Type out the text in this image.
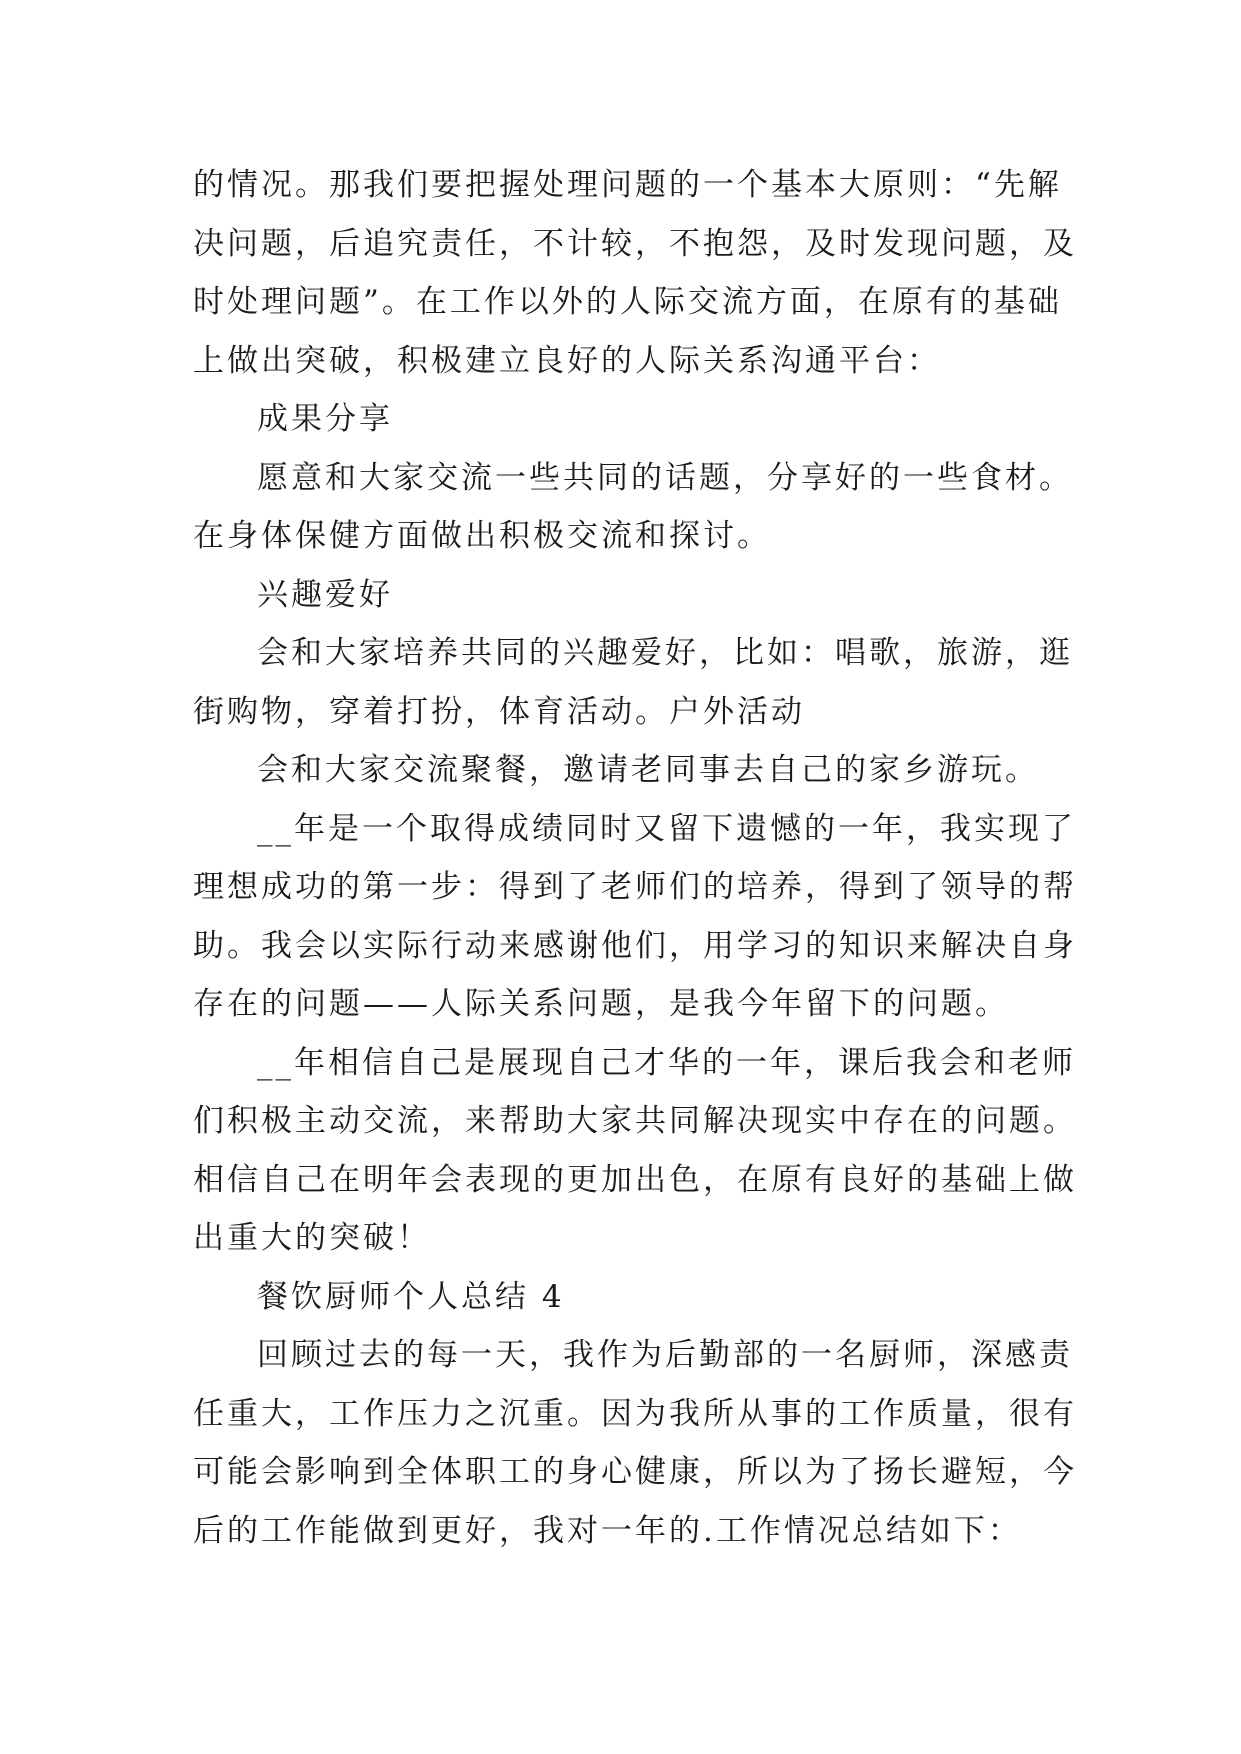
的情况。那我们要把握处理问题的一个基本大原则：“先解
决问题，后追究责任，不计较，不抱怨，及时发现问题，及
时处理问题”。在工作以外的人际交流方面，在原有的基础
上做出突破，积极建立良好的人际关系沟通平台：
成果分享
愿意和大家交流一些共同的话题，分享好的一些食材。
在身体保健方面做出积极交流和探讨。
兴趣爱好
会和大家培养共同的兴趣爱好，比如：唱歌，旅游，逛
街购物，穿着打扮，体育活动。户外活动
会和大家交流聚餐，邀请老同事去自己的家乡游玩。
__年是一个取得成绩同时又留下遗憾的一年，我实现了
理想成功的第一步：得到了老师们的培养，得到了领导的帮
助。我会以实际行动来感谢他们，用学习的知识来解决自身
存在的问题——人际关系问题，是我今年留下的问题。
__年相信自己是展现自己才华的一年，课后我会和老师
们积极主动交流，来帮助大家共同解决现实中存在的问题。
相信自己在明年会表现的更加出色，在原有良好的基础上做
出重大的突破！
餐饮厨师个人总结 4
回顾过去的每一天，我作为后勤部的一名厨师，深感责
任重大，工作压力之沉重。因为我所从事的工作质量，很有
可能会影响到全体职工的身心健康，所以为了扬长避短，今
后的工作能做到更好，我对一年的.工作情况总结如下：
